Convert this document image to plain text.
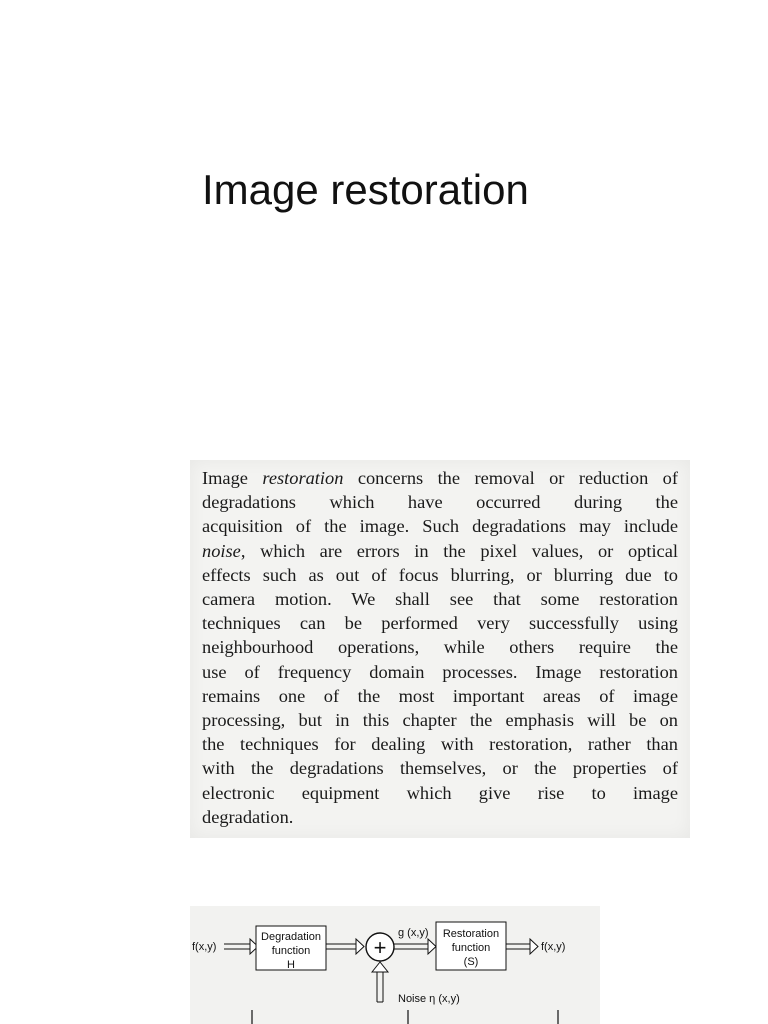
Image restoration
Image restoration concerns the removal or reduction of
degradations which have occurred during the
acquisition of the image. Such degradations may include
noise, which are errors in the pixel values, or optical
effects such as out of focus blurring, or blurring due to
camera motion. We shall see that some restoration
techniques can be performed very successfully using
neighbourhood operations, while others require the
use of frequency domain processes. Image restoration
remains one of the most important areas of image
processing, but in this chapter the emphasis will be on
the techniques for dealing with restoration, rather than
with the degradations themselves, or the properties of
electronic equipment which give rise to image
degradation.
f(x,y)
Degradation
function
H
+
g (x,y) Restoration
function
(S)
f(x,y)
Noise η (x,y)
